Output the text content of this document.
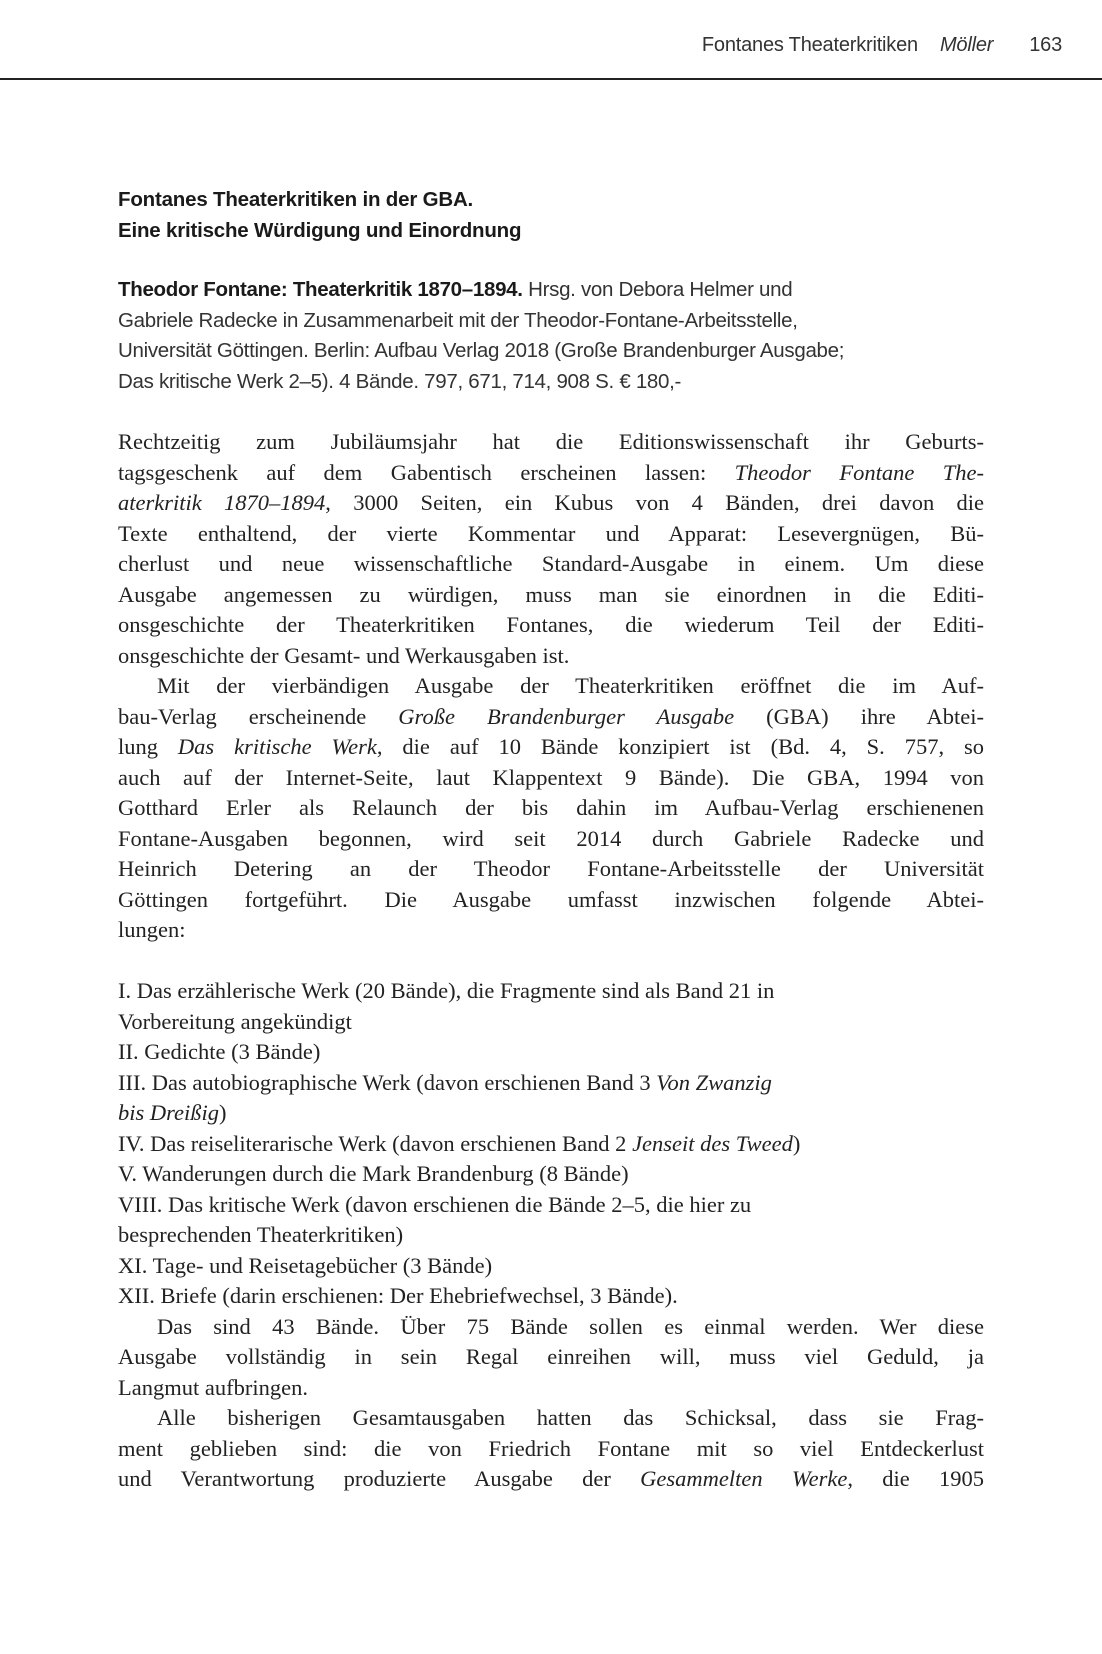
Fontanes Theaterkritiken Möller 163
Fontanes Theaterkritiken in der GBA.
Eine kritische Würdigung und Einordnung
Theodor Fontane: Theaterkritik 1870–1894. Hrsg. von Debora Helmer und
Gabriele Radecke in Zusammenarbeit mit der Theodor-Fontane-Arbeitsstelle,
Universität Göttingen. Berlin: Aufbau Verlag 2018 (Große Brandenburger Ausgabe;
Das kritische Werk 2–5). 4 Bände. 797, 671, 714, 908 S. € 180,-
Rechtzeitig zum Jubiläumsjahr hat die Editionswissenschaft ihr Geburts-
tagsgeschenk auf dem Gabentisch erscheinen lassen: Theodor Fontane The-
aterkritik 1870–1894, 3000 Seiten, ein Kubus von 4 Bänden, drei davon die
Texte enthaltend, der vierte Kommentar und Apparat: Lesevergnügen, Bü-
cherlust und neue wissenschaftliche Standard-Ausgabe in einem. Um diese
Ausgabe angemessen zu würdigen, muss man sie einordnen in die Editi-
onsgeschichte der Theaterkritiken Fontanes, die wiederum Teil der Editi-
onsgeschichte der Gesamt- und Werkausgaben ist.
Mit der vierbändigen Ausgabe der Theaterkritiken eröffnet die im Auf-
bau-Verlag erscheinende Große Brandenburger Ausgabe (GBA) ihre Abtei-
lung Das kritische Werk, die auf 10 Bände konzipiert ist (Bd. 4, S. 757, so
auch auf der Internet-Seite, laut Klappentext 9 Bände). Die GBA, 1994 von
Gotthard Erler als Relaunch der bis dahin im Aufbau-Verlag erschienenen
Fontane-Ausgaben begonnen, wird seit 2014 durch Gabriele Radecke und
Heinrich Detering an der Theodor Fontane-Arbeitsstelle der Universität
Göttingen fortgeführt. Die Ausgabe umfasst inzwischen folgende Abtei-
lungen:
I. Das erzählerische Werk (20 Bände), die Fragmente sind als Band 21 in
Vorbereitung angekündigt
II. Gedichte (3 Bände)
III. Das autobiographische Werk (davon erschienen Band 3 Von Zwanzig
bis Dreißig)
IV. Das reiseliterarische Werk (davon erschienen Band 2 Jenseit des Tweed)
V. Wanderungen durch die Mark Brandenburg (8 Bände)
VIII. Das kritische Werk (davon erschienen die Bände 2–5, die hier zu
besprechenden Theaterkritiken)
XI. Tage- und Reisetagebücher (3 Bände)
XII. Briefe (darin erschienen: Der Ehebriefwechsel, 3 Bände).
Das sind 43 Bände. Über 75 Bände sollen es einmal werden. Wer diese
Ausgabe vollständig in sein Regal einreihen will, muss viel Geduld, ja
Langmut aufbringen.
Alle bisherigen Gesamtausgaben hatten das Schicksal, dass sie Frag-
ment geblieben sind: die von Friedrich Fontane mit so viel Entdeckerlust
und Verantwortung produzierte Ausgabe der Gesammelten Werke, die 1905
